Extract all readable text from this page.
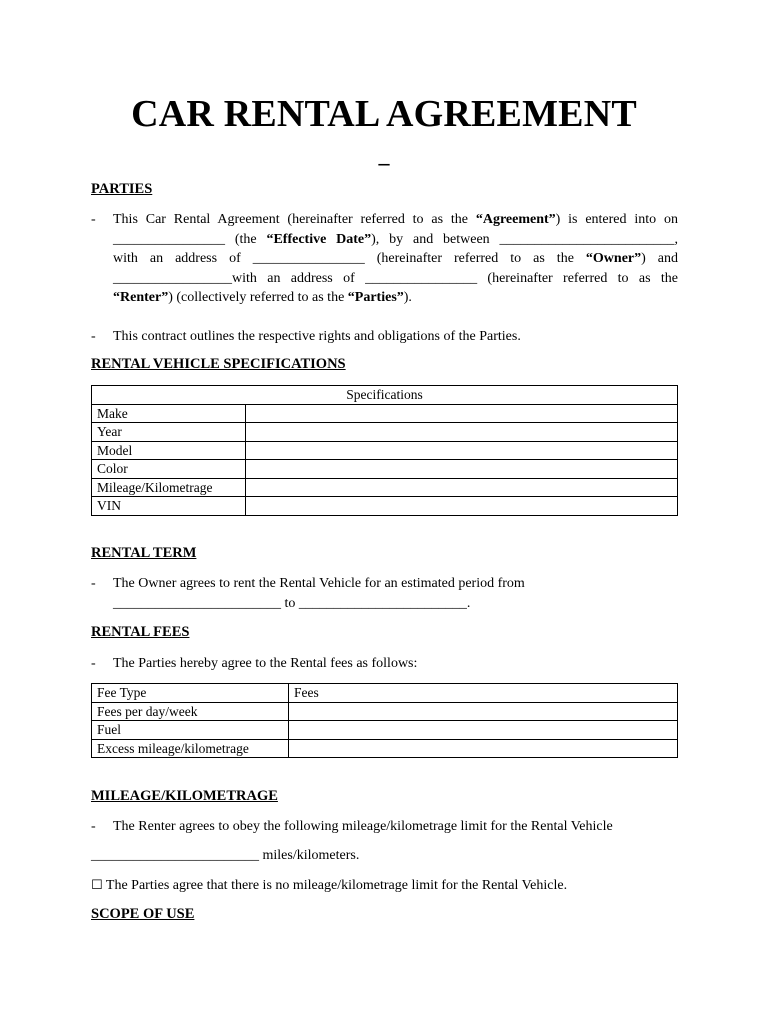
CAR RENTAL AGREEMENT
–
PARTIES
- This Car Rental Agreement (hereinafter referred to as the “Agreement”) is entered into on
________________ (the “Effective Date”), by and between _________________________,
with an address of ________________ (hereinafter referred to as the “Owner”) and
_________________with an address of ________________ (hereinafter referred to as the
“Renter”) (collectively referred to as the “Parties”).
- This contract outlines the respective rights and obligations of the Parties.
RENTAL VEHICLE SPECIFICATIONS
Specifications	
Make	
Year	
Model	
Color	
Mileage/Kilometrage	
VIN	
RENTAL TERM
- The Owner agrees to rent the Rental Vehicle for an estimated period from
________________________ to ________________________.
RENTAL FEES
- The Parties hereby agree to the Rental fees as follows:
Fee Type	Fees
Fees per day/week	
Fuel	
Excess mileage/kilometrage	
MILEAGE/KILOMETRAGE
- The Renter agrees to obey the following mileage/kilometrage limit for the Rental Vehicle
________________________ miles/kilometers.
☐ The Parties agree that there is no mileage/kilometrage limit for the Rental Vehicle.
SCOPE OF USE
